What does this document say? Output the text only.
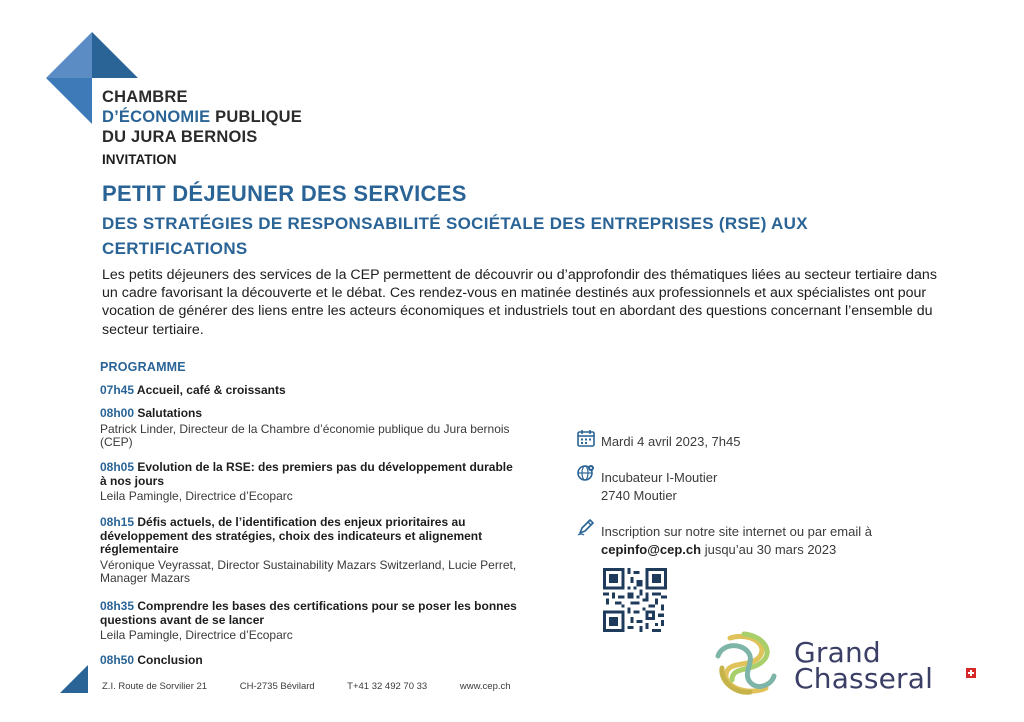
CHAMBRE
D’ÉCONOMIE PUBLIQUE
DU JURA BERNOIS
INVITATION
PETIT DÉJEUNER DES SERVICES
DES STRATÉGIES DE RESPONSABILITÉ SOCIÉTALE DES ENTREPRISES (RSE) AUX CERTIFICATIONS
Les petits déjeuners des services de la CEP permettent de découvrir ou d’approfondir des thématiques liées au secteur tertiaire dans un cadre favorisant la découverte et le débat. Ces rendez-vous en matinée destinés aux professionnels et aux spécialistes ont pour vocation de générer des liens entre les acteurs économiques et industriels tout en abordant des questions concernant l’ensemble du secteur tertiaire.
PROGRAMME
07h45 Accueil, café & croissants
08h00 Salutations
Patrick Linder, Directeur de la Chambre d’économie publique du Jura bernois (CEP)
08h05 Evolution de la RSE: des premiers pas du développement durable à nos jours
Leila Pamingle, Directrice d’Ecoparc
08h15 Défis actuels, de l’identification des enjeux prioritaires au développement des stratégies, choix des indicateurs et alignement réglementaire
Véronique Veyrassat, Director Sustainability Mazars Switzerland, Lucie Perret, Manager Mazars
08h35 Comprendre les bases des certifications pour se poser les bonnes questions avant de se lancer
Leila Pamingle, Directrice d’Ecoparc
08h50 Conclusion
Mardi 4 avril 2023, 7h45
Incubateur I-Moutier
2740 Moutier
Inscription sur notre site internet ou par email à
cepinfo@cep.ch jusqu’au 30 mars 2023
Z.I. Route de Sorvilier 21	CH-2735 Bévilard	T+41 32 492 70 33	www.cep.ch
Grand
Chasseral
